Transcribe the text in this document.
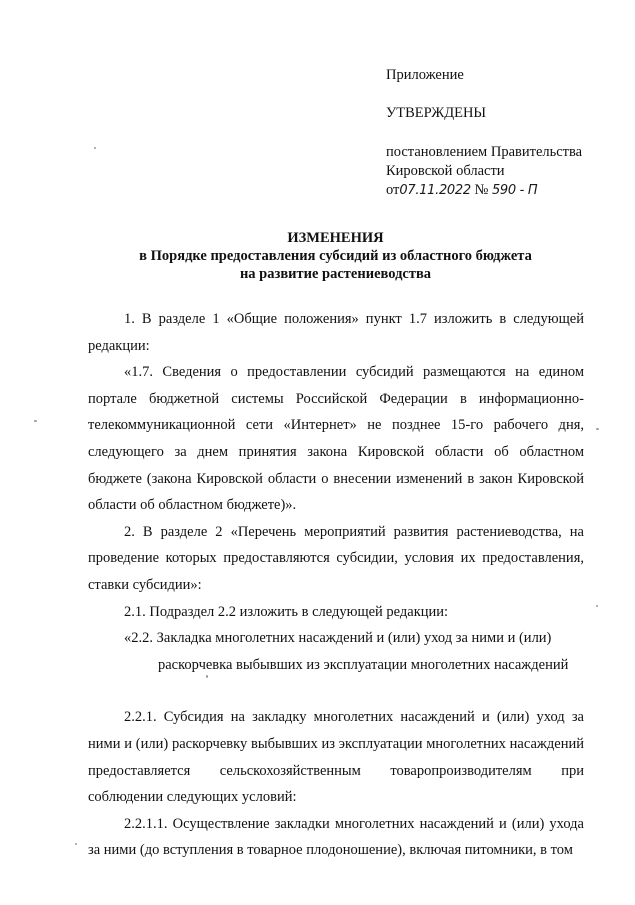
Приложение
УТВЕРЖДЕНЫ
постановлением Правительства
Кировской области
от07.11.2022 № 590 - П
ИЗМЕНЕНИЯ
в Порядке предоставления субсидий из областного бюджета
на развитие растениеводства

1. В разделе 1 «Общие положения» пункт 1.7 изложить в следующей редакции:

«1.7. Сведения о предоставлении субсидий размещаются на едином портале бюджетной системы Российской Федерации в информационно-телекоммуникационной сети «Интернет» не позднее 15-го рабочего дня, следующего за днем принятия закона Кировской области об областном бюджете (закона Кировской области о внесении изменений в закон Кировской области об областном бюджете)».

2. В разделе 2 «Перечень мероприятий развития растениеводства, на проведение которых предоставляются субсидии, условия их предоставления, ставки субсидии»:

2.1. Подраздел 2.2 изложить в следующей редакции:

«2.2. Закладка многолетних насаждений и (или) уход за ними и (или)

раскорчевка выбывших из эксплуатации многолетних насаждений

2.2.1. Субсидия на закладку многолетних насаждений и (или) уход за ними и (или) раскорчевку выбывших из эксплуатации многолетних насаждений предоставляется сельскохозяйственным товаропроизводителям при соблюдении следующих условий:

2.2.1.1. Осуществление закладки многолетних насаждений и (или) ухода за ними (до вступления в товарное плодоношение), включая питомники, в том
